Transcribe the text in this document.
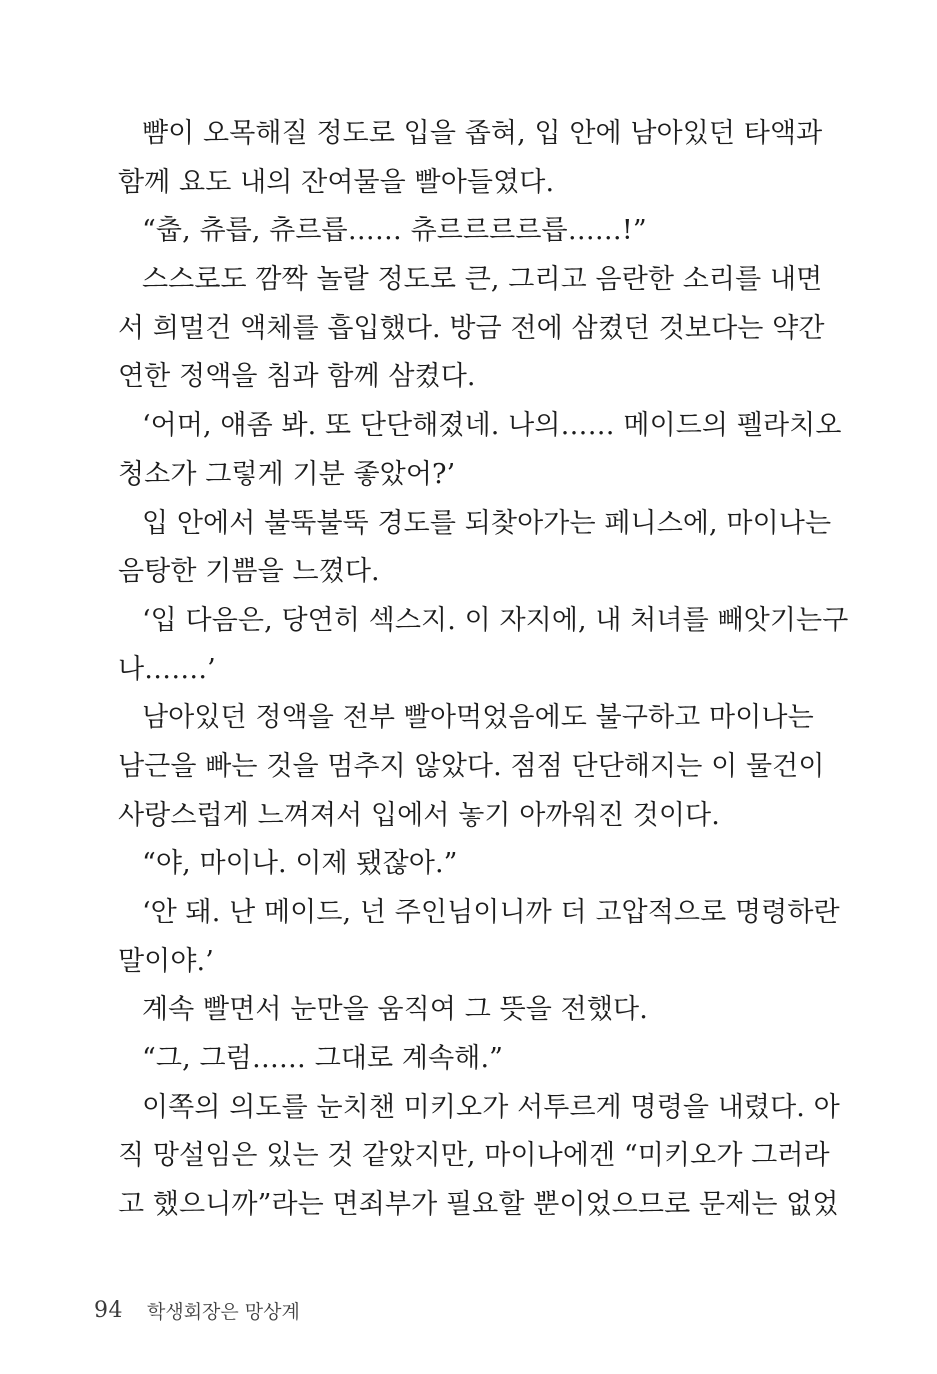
뺨이 오목해질 정도로 입을 좁혀, 입 안에 남아있던 타액과
함께 요도 내의 잔여물을 빨아들였다.
“춥, 츄릅, 츄르릅…… 츄르르르르릅……!”
스스로도 깜짝 놀랄 정도로 큰, 그리고 음란한 소리를 내면
서 희멀건 액체를 흡입했다. 방금 전에 삼켰던 것보다는 약간
연한 정액을 침과 함께 삼켰다.
‘어머, 얘좀 봐. 또 단단해졌네. 나의…… 메이드의 펠라치오
청소가 그렇게 기분 좋았어?’
입 안에서 불뚝불뚝 경도를 되찾아가는 페니스에, 마이나는
음탕한 기쁨을 느꼈다.
‘입 다음은, 당연히 섹스지. 이 자지에, 내 처녀를 빼앗기는구
나…….’
남아있던 정액을 전부 빨아먹었음에도 불구하고 마이나는
남근을 빠는 것을 멈추지 않았다. 점점 단단해지는 이 물건이
사랑스럽게 느껴져서 입에서 놓기 아까워진 것이다.
“야, 마이나. 이제 됐잖아.”
‘안 돼. 난 메이드, 넌 주인님이니까 더 고압적으로 명령하란
말이야.’
계속 빨면서 눈만을 움직여 그 뜻을 전했다.
“그, 그럼…… 그대로 계속해.”
이쪽의 의도를 눈치챈 미키오가 서투르게 명령을 내렸다. 아
직 망설임은 있는 것 같았지만, 마이나에겐 “미키오가 그러라
고 했으니까”라는 면죄부가 필요할 뿐이었으므로 문제는 없었
94 학생회장은 망상계
